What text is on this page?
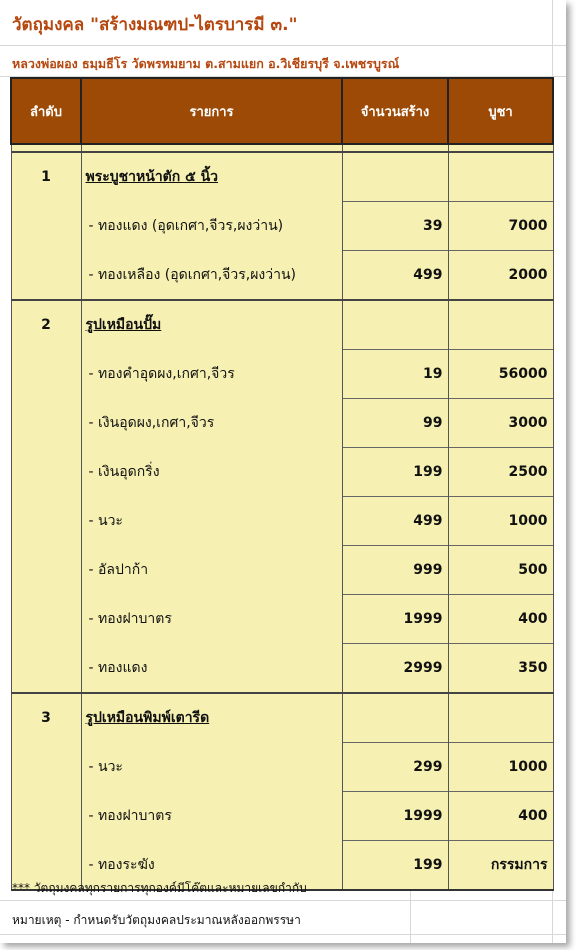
วัตถุมงคล "สร้างมณฑป-ไตรบารมี ๓."
หลวงพ่อผอง ธมฺมธีโร วัดพรหมยาม ต.สามแยก อ.วิเชียรบุรี จ.เพชรบูรณ์
ลำดับ	รายการ	จำนวนสร้าง	บูชา

1	พระบูชาหน้าตัก ๕ นิ้ว		
	- ทองแดง (อุดเกศา,จีวร,ผงว่าน)	39	7000
	- ทองเหลือง (อุดเกศา,จีวร,ผงว่าน)	499	2000
2	รูปเหมือนปั๊ม		
	- ทองคำอุดผง,เกศา,จีวร	19	56000
	- เงินอุดผง,เกศา,จีวร	99	3000
	- เงินอุดกริ่ง	199	2500
	- นวะ	499	1000
	- อัลปาก้า	999	500
	- ทองฝาบาตร	1999	400
	- ทองแดง	2999	350
3	รูปเหมือนพิมพ์เตารีด		
	- นวะ	299	1000
	- ทองฝาบาตร	1999	400
	- ทองระฆัง	199	กรรมการ
*** วัตถุมงคลทุกรายการทุกองค์มีโค๊ตและหมายเลขกำกับ
หมายเหตุ - กำหนดรับวัตถุมงคลประมาณหลังออกพรรษา
